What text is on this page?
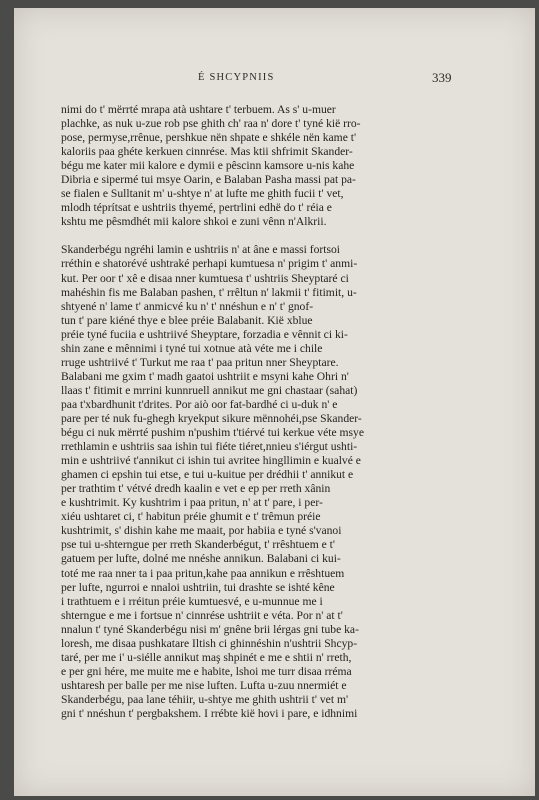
É SHCYPNIIS	339

nimi do t' mërrté mrapa atà ushtare t' terbuem. As s' u-muer
plachke, as nuk u-zue rob pse ghith ch' raa n' dore t' tyné kië rro-
pose, permyse,rrênue, pershkue nën shpate e shkéle nën kame t'
kaloriis paa ghéte kerkuen cinnrése. Mas ktii shfrimit Skander-
bégu me kater mii kalore e dymii e pêscinn kamsore u-nis kahe
Dibria e sipermé tui msye Oarin, e Balaban Pasha massi pat pa-
se fialen e Sulltanit m' u-shtye n' at lufte me ghith fucii t' vet,
mlodh téprítsat e ushtriis thyemé, pertrlini edhë do t' réia e
kshtu me pêsmdhét mii kalore shkoi e zuni vênn n'Alkrii.

Skanderbégu ngréhi lamin e ushtriis n' at âne e massi fortsoi
rréthin e shatorévé ushtraké perhapi kumtuesa n' prigim t' anmi-
kut. Per oor t' xê e disaa nner kumtuesa t' ushtriis Sheyptaré ci
mahéshin fis me Balaban pashen, t' rrêltun n' lakmii t' fitimit, u-
shtyené n' lame t' anmicvé ku n' t' nnéshun e n' t' gnof-
tun t' pare kiéné thye e blee préie Balabanit. Kië xblue
préie tyné fuciia e ushtriivé Sheyptare, forzadia e vênnit ci ki-
shin zane e mênnimi i tyné tui xotnue atà véte me i chile
rruge ushtriivé t' Turkut me raa t' paa pritun nner Sheyptare.
Balabani me gxim t' madh gaatoi ushtriit e msyni kahe Ohri n'
llaas t' fitimit e mrrini kunnruell annikut me gni chastaar (sahat)
paa t'xbardhunit t'drites. Por aiò oor fat-bardhé ci u-duk n' e
pare per té nuk fu-ghegh kryekput sikure mënnohéi,pse Skander-
bégu ci nuk mërrté pushim n'pushim t'tiérvé tui kerkue véte msye
rrethlamin e ushtriis saa ishin tui fiéte tiéret,nnieu s'iérgut ushti-
min e ushtriivé t'annikut ci ishin tui avritee hingllimin e kualvé e
ghamen ci epshin tui etse, e tui u-kuitue per drédhii t' annikut e
per trathtim t' vétvé dredh kaalin e vet e ep per rreth xânin
e kushtrimit. Ky kushtrim i paa pritun, n' at t' pare, i per-
xiéu ushtaret ci, t' habitun préie ghumit e t' trêmun préie
kushtrimit, s' dishin kahe me maait, por habiia e tyné s'vanoi
pse tui u-shterngue per rreth Skanderbégut, t' rrêshtuem e t'
gatuem per lufte, dolné me nnéshe annikun. Balabani ci kui-
toté me raa nner ta i paa pritun,kahe paa annikun e rrêshtuem
per lufte, ngurroi e nnaloi ushtriin, tui drashte se ishté kêne
i trathtuem e i rréitun préie kumtuesvé, e u-munnue me i
shterngue e me i fortsue n' cinnrése ushtriit e véta. Por n' at t'
nnalun t' tyné Skanderbégu nisi m' gnêne brii lérgas gni tube ka-
loresh, me disaa pushkatare Iltish ci ghinnéshin n'ushtrii Shcyp-
taré, per me i' u-siélle annikut maş shpinét e me e shtii n' rreth,
e per gni hére, me muite me e habite, lshoi me turr disaa rréma
ushtaresh per balle per me nise luften. Lufta u-zuu nnermiét e
Skanderbégu, paa lane téhiir, u-shtye me ghith ushtrii t' vet m'
gni t' nnéshun t' pergbakshem. I rrébte kië hovi i pare, e idhnimi
